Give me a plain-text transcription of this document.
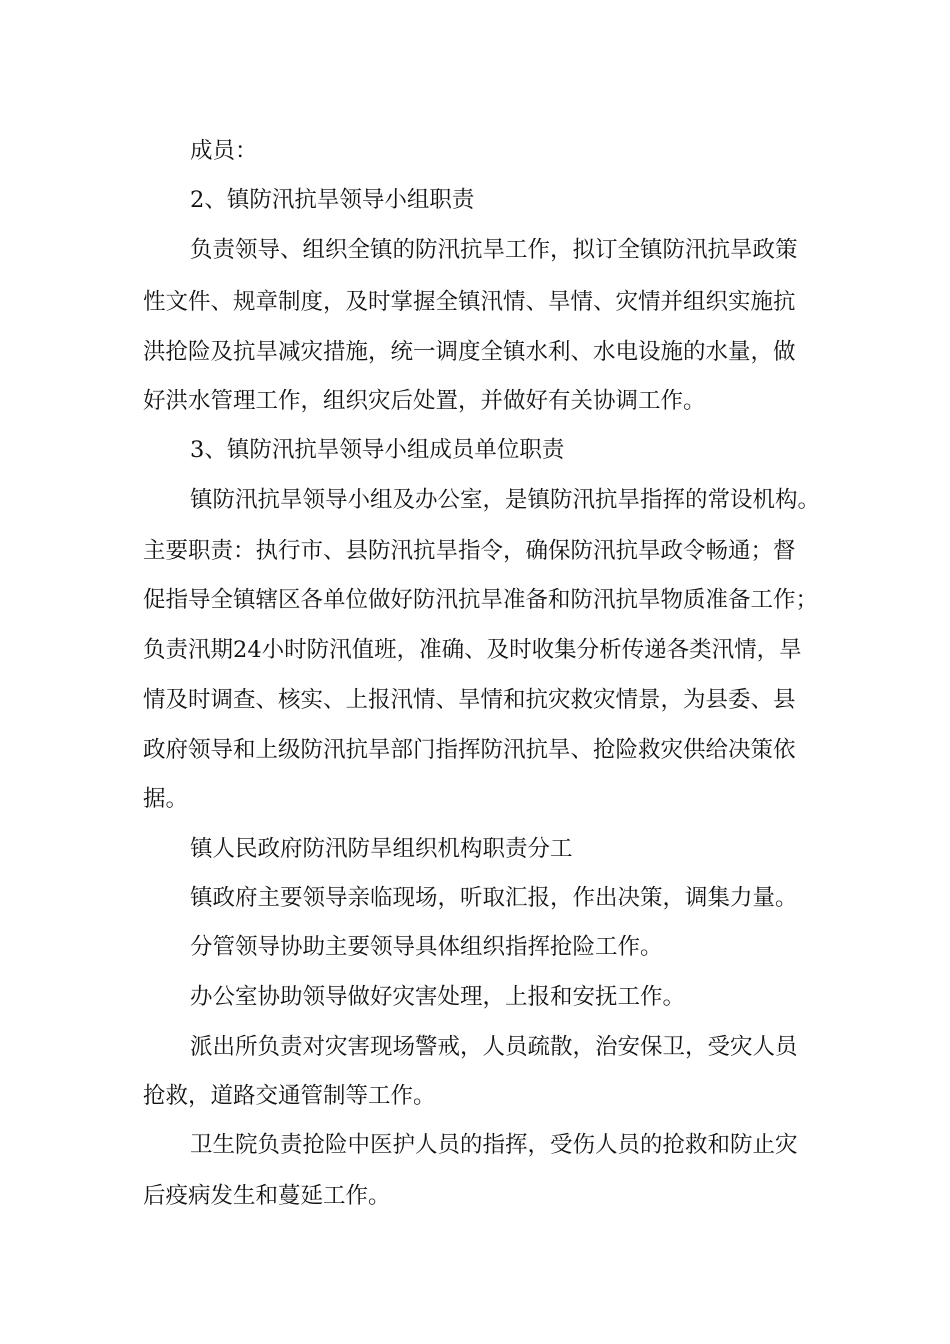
成员：
2、镇防汛抗旱领导小组职责
负责领导、组织全镇的防汛抗旱工作，拟订全镇防汛抗旱政策
性文件、规章制度，及时掌握全镇汛情、旱情、灾情并组织实施抗
洪抢险及抗旱减灾措施，统一调度全镇水利、水电设施的水量，做
好洪水管理工作，组织灾后处置，并做好有关协调工作。
3、镇防汛抗旱领导小组成员单位职责
镇防汛抗旱领导小组及办公室，是镇防汛抗旱指挥的常设机构。
主要职责：执行市、县防汛抗旱指令，确保防汛抗旱政令畅通；督
促指导全镇辖区各单位做好防汛抗旱准备和防汛抗旱物质准备工作；
负责汛期24小时防汛值班，准确、及时收集分析传递各类汛情，旱
情及时调查、核实、上报汛情、旱情和抗灾救灾情景，为县委、县
政府领导和上级防汛抗旱部门指挥防汛抗旱、抢险救灾供给决策依
据。
镇人民政府防汛防旱组织机构职责分工
镇政府主要领导亲临现场，听取汇报，作出决策，调集力量。
分管领导协助主要领导具体组织指挥抢险工作。
办公室协助领导做好灾害处理，上报和安抚工作。
派出所负责对灾害现场警戒，人员疏散，治安保卫，受灾人员
抢救，道路交通管制等工作。
卫生院负责抢险中医护人员的指挥，受伤人员的抢救和防止灾
后疫病发生和蔓延工作。
